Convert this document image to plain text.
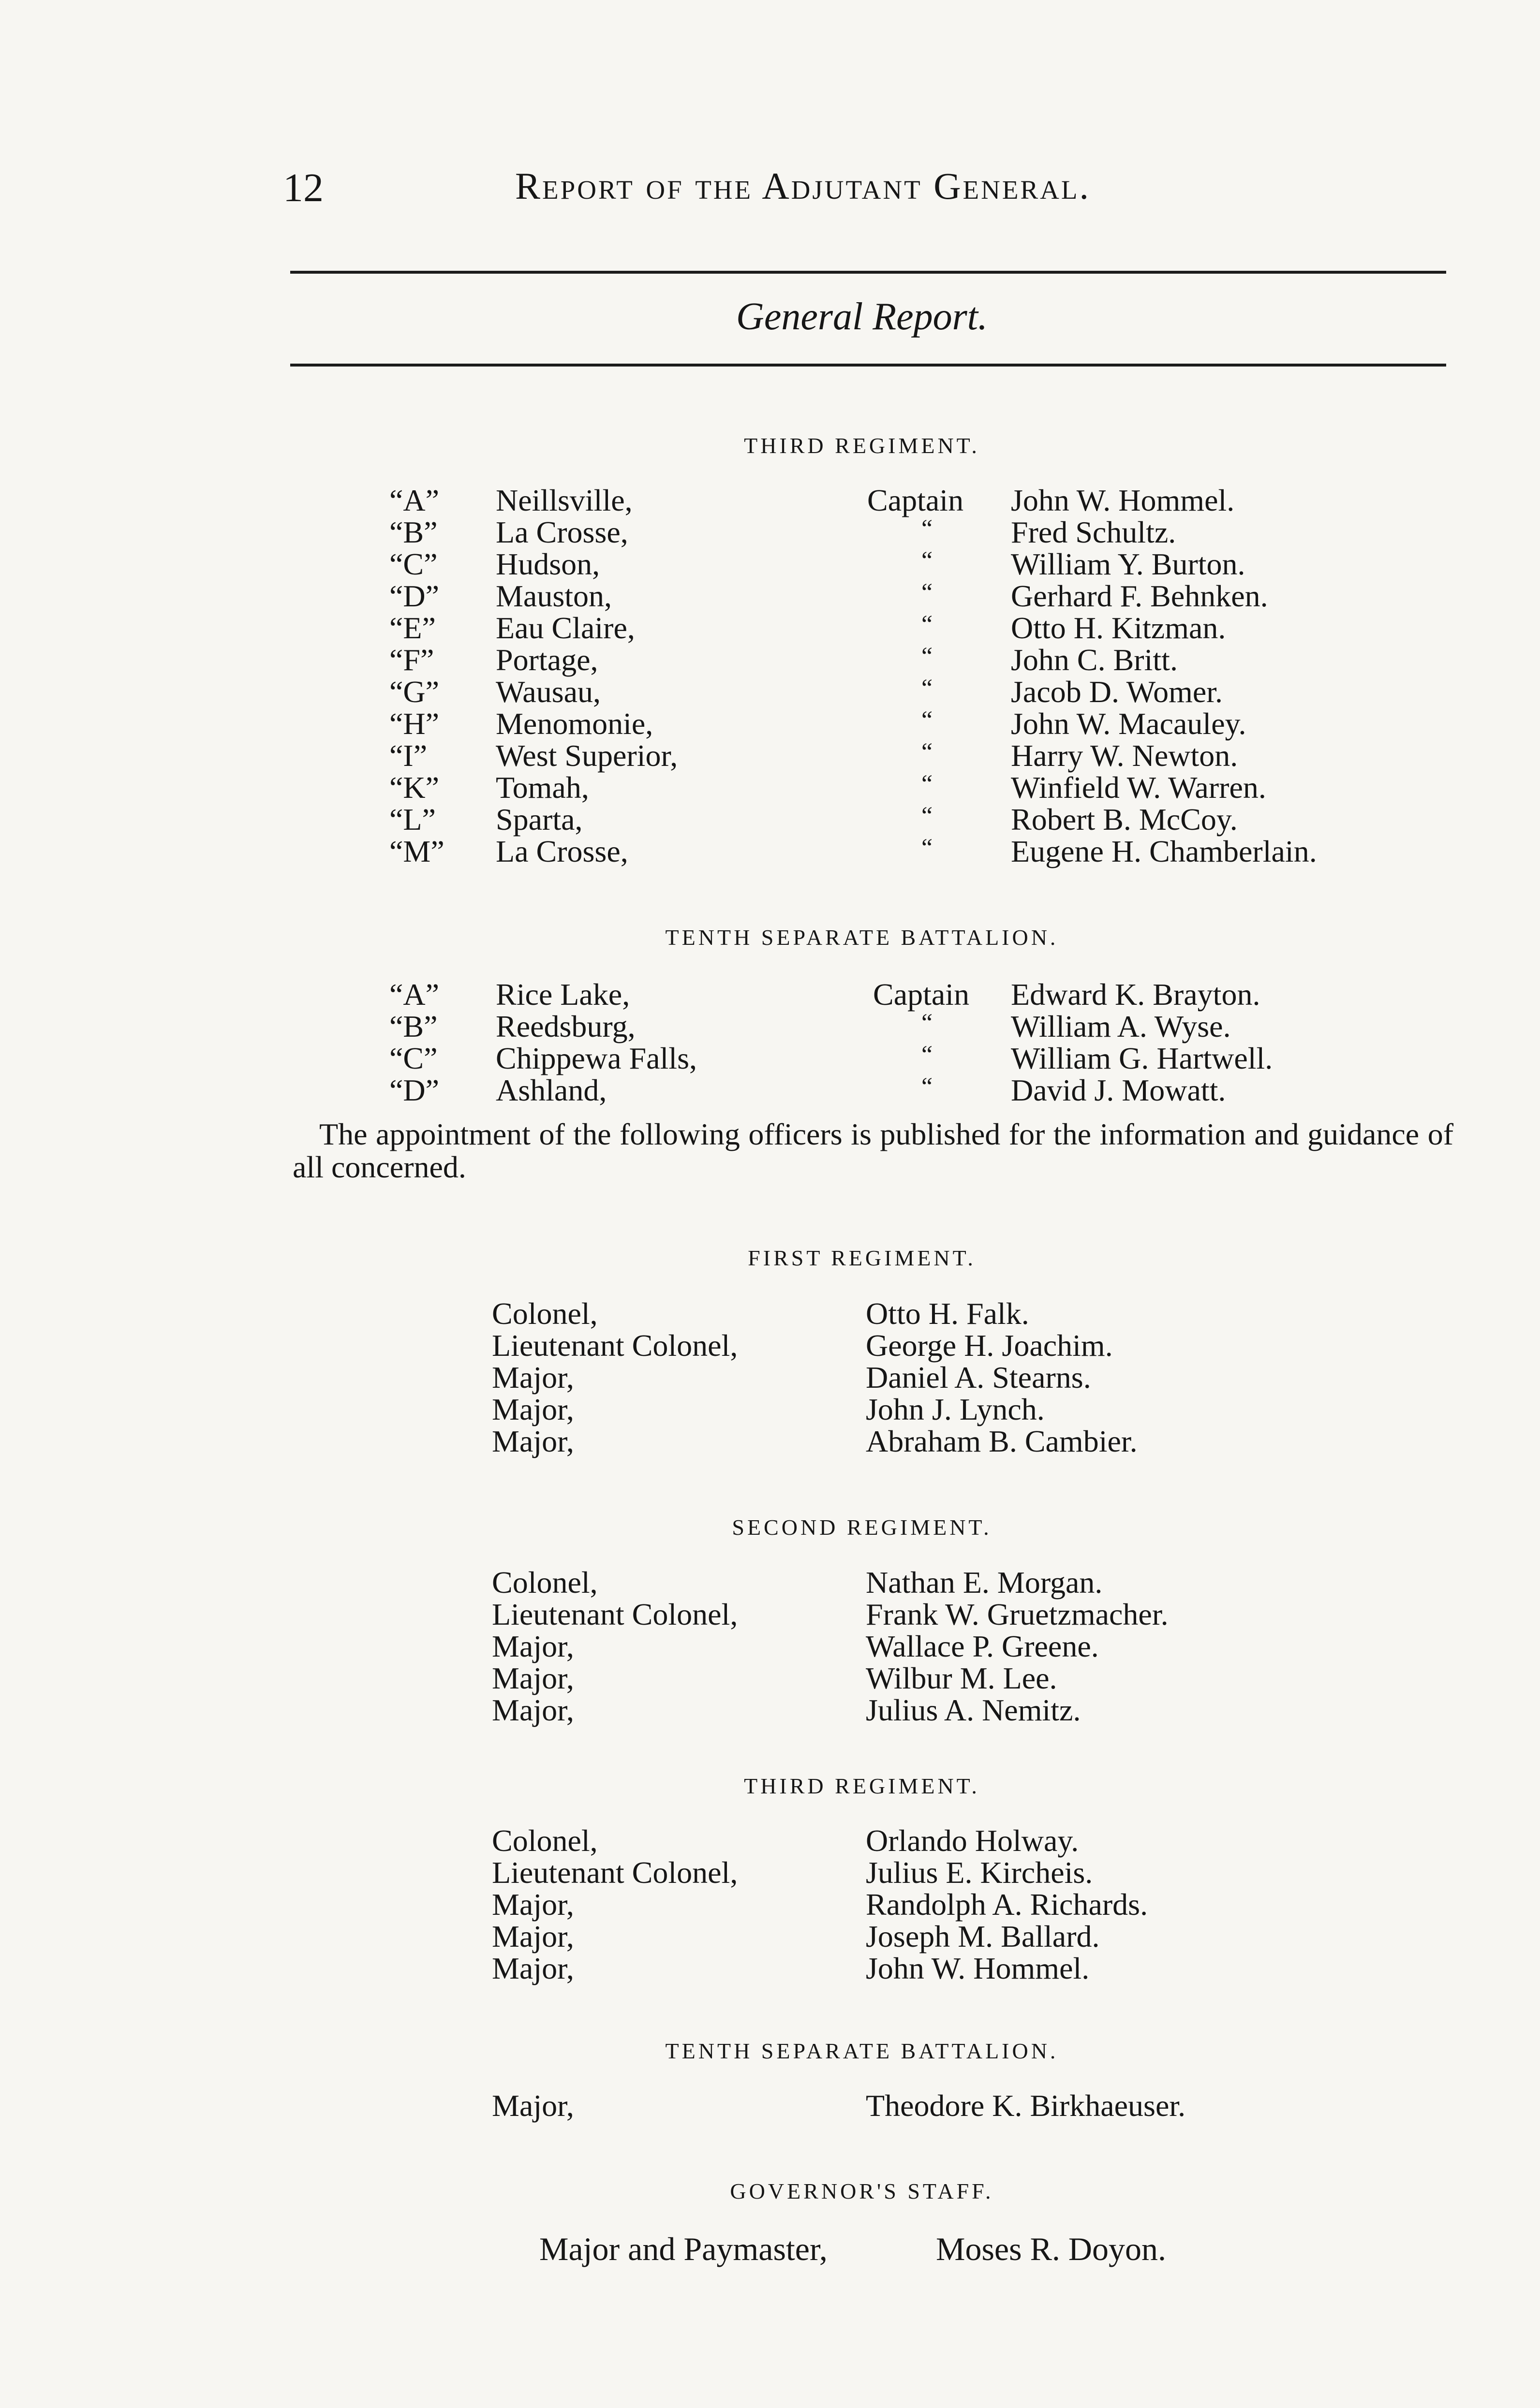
12	Report of the Adjutant General.
General Report.
THIRD REGIMENT.
“A” Neillsville,	Captain John W. Hommel.
“B” La Crosse,	“	Fred Schultz.
“C” Hudson,	“	William Y. Burton.
“D” Mauston,	“	Gerhard F. Behnken.
“E” Eau Claire,	“	Otto H. Kitzman.
“F” Portage,	“	John C. Britt.
“G” Wausau,	“	Jacob D. Womer.
“H” Menomonie,	“	John W. Macauley.
“I” West Superior,	“	Harry W. Newton.
“K” Tomah,	“	Winfield W. Warren.
“L” Sparta,	“	Robert B. McCoy.
“M” La Crosse,	“	Eugene H. Chamberlain.
TENTH SEPARATE BATTALION.
“A” Rice Lake,	Captain Edward K. Brayton.
“B” Reedsburg,	“	William A. Wyse.
“C” Chippewa Falls,	“	William G. Hartwell.
“D” Ashland,	“	David J. Mowatt.
The appointment of the following officers is published for the information and guidance of all concerned.
FIRST REGIMENT.
Colonel,	Otto H. Falk.
Lieutenant Colonel,	George H. Joachim.
Major,	Daniel A. Stearns.
Major,	John J. Lynch.
Major,	Abraham B. Cambier.
SECOND REGIMENT.
Colonel,	Nathan E. Morgan.
Lieutenant Colonel,	Frank W. Gruetzmacher.
Major,	Wallace P. Greene.
Major,	Wilbur M. Lee.
Major,	Julius A. Nemitz.
THIRD REGIMENT.
Colonel,	Orlando Holway.
Lieutenant Colonel,	Julius E. Kircheis.
Major,	Randolph A. Richards.
Major,	Joseph M. Ballard.
Major,	John W. Hommel.
TENTH SEPARATE BATTALION.
Major,	Theodore K. Birkhaeuser.
GOVERNOR'S STAFF.
Major and Paymaster,	Moses R. Doyon.
